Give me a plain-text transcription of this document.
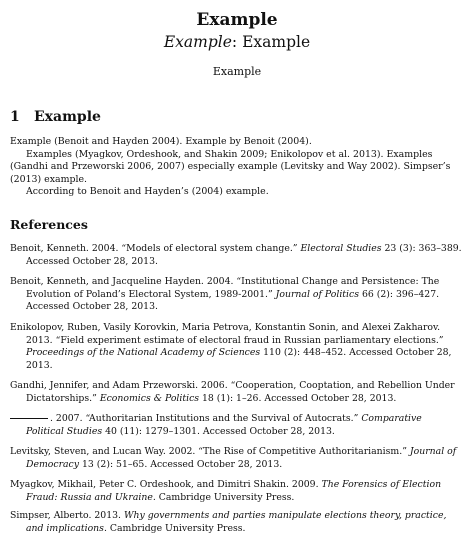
Example
Example: Example
Example
1 Example

Example (Benoit and Hayden 2004). Example by Benoit (2004).

Examples (Myagkov, Ordeshook, and Shakin 2009; Enikolopov et al. 2013). Examples (Gandhi and Przeworski 2006, 2007) especially example (Levitsky and Way 2002). Simpser’s (2013) example.

According to Benoit and Hayden’s (2004) example.

References
Benoit, Kenneth. 2004. “Models of electoral system change.” Electoral Studies 23 (3): 363–389. Accessed October 28, 2013.
Benoit, Kenneth, and Jacqueline Hayden. 2004. “Institutional Change and Persistence: The Evolution of Poland’s Electoral System, 1989-2001.” Journal of Politics 66 (2): 396–427. Accessed October 28, 2013.
Enikolopov, Ruben, Vasily Korovkin, Maria Petrova, Konstantin Sonin, and Alexei Zakharov. 2013. “Field experiment estimate of electoral fraud in Russian parliamentary elections.” Proceedings of the National Academy of Sciences 110 (2): 448–452. Accessed October 28, 2013.
Gandhi, Jennifer, and Adam Przeworski. 2006. “Cooperation, Cooptation, and Rebellion Under Dictatorships.” Economics & Politics 18 (1): 1–26. Accessed October 28, 2013.
. 2007. “Authoritarian Institutions and the Survival of Autocrats.” Comparative Political Studies 40 (11): 1279–1301. Accessed October 28, 2013.
Levitsky, Steven, and Lucan Way. 2002. “The Rise of Competitive Authoritarianism.” Journal of Democracy 13 (2): 51–65. Accessed October 28, 2013.
Myagkov, Mikhail, Peter C. Ordeshook, and Dimitri Shakin. 2009. The Forensics of Election Fraud: Russia and Ukraine. Cambridge University Press.
Simpser, Alberto. 2013. Why governments and parties manipulate elections theory, practice, and implications. Cambridge University Press.
